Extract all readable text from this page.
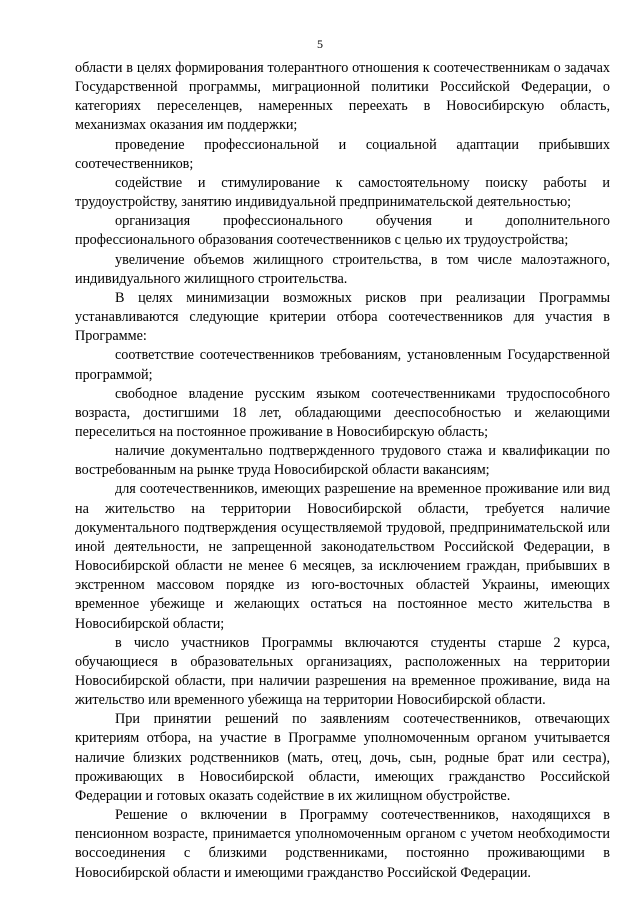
5

области в целях формирования толерантного отношения к соотечественникам о задачах Государственной программы, миграционной политики Российской Федерации, о категориях переселенцев, намеренных переехать в Новосибирскую область, механизмах оказания им поддержки;

проведение профессиональной и социальной адаптации прибывших соотечественников;

содействие и стимулирование к самостоятельному поиску работы и трудоустройству, занятию индивидуальной предпринимательской деятельностью;

организация профессионального обучения и дополнительного профессионального образования соотечественников с целью их трудоустройства;

увеличение объемов жилищного строительства, в том числе малоэтажного, индивидуального жилищного строительства.

В целях минимизации возможных рисков при реализации Программы устанавливаются следующие критерии отбора соотечественников для участия в Программе:

соответствие соотечественников требованиям, установленным Государственной программой;

свободное владение русским языком соотечественниками трудоспособного возраста, достигшими 18 лет, обладающими дееспособностью и желающими переселиться на постоянное проживание в Новосибирскую область;

наличие документально подтвержденного трудового стажа и квалификации по востребованным на рынке труда Новосибирской области вакансиям;

для соотечественников, имеющих разрешение на временное проживание или вид на жительство на территории Новосибирской области, требуется наличие документального подтверждения осуществляемой трудовой, предпринимательской или иной деятельности, не запрещенной законодательством Российской Федерации, в Новосибирской области не менее 6 месяцев, за исключением граждан, прибывших в экстренном массовом порядке из юго-восточных областей Украины, имеющих временное убежище и желающих остаться на постоянное место жительства в Новосибирской области;

в число участников Программы включаются студенты старше 2 курса, обучающиеся в образовательных организациях, расположенных на территории Новосибирской области, при наличии разрешения на временное проживание, вида на жительство или временного убежища на территории Новосибирской области.

При принятии решений по заявлениям соотечественников, отвечающих критериям отбора, на участие в Программе уполномоченным органом учитывается наличие близких родственников (мать, отец, дочь, сын, родные брат или сестра), проживающих в Новосибирской области, имеющих гражданство Российской Федерации и готовых оказать содействие в их жилищном обустройстве.

Решение о включении в Программу соотечественников, находящихся в пенсионном возрасте, принимается уполномоченным органом с учетом необходимости воссоединения с близкими родственниками, постоянно проживающими в Новосибирской области и имеющими гражданство Российской Федерации.
